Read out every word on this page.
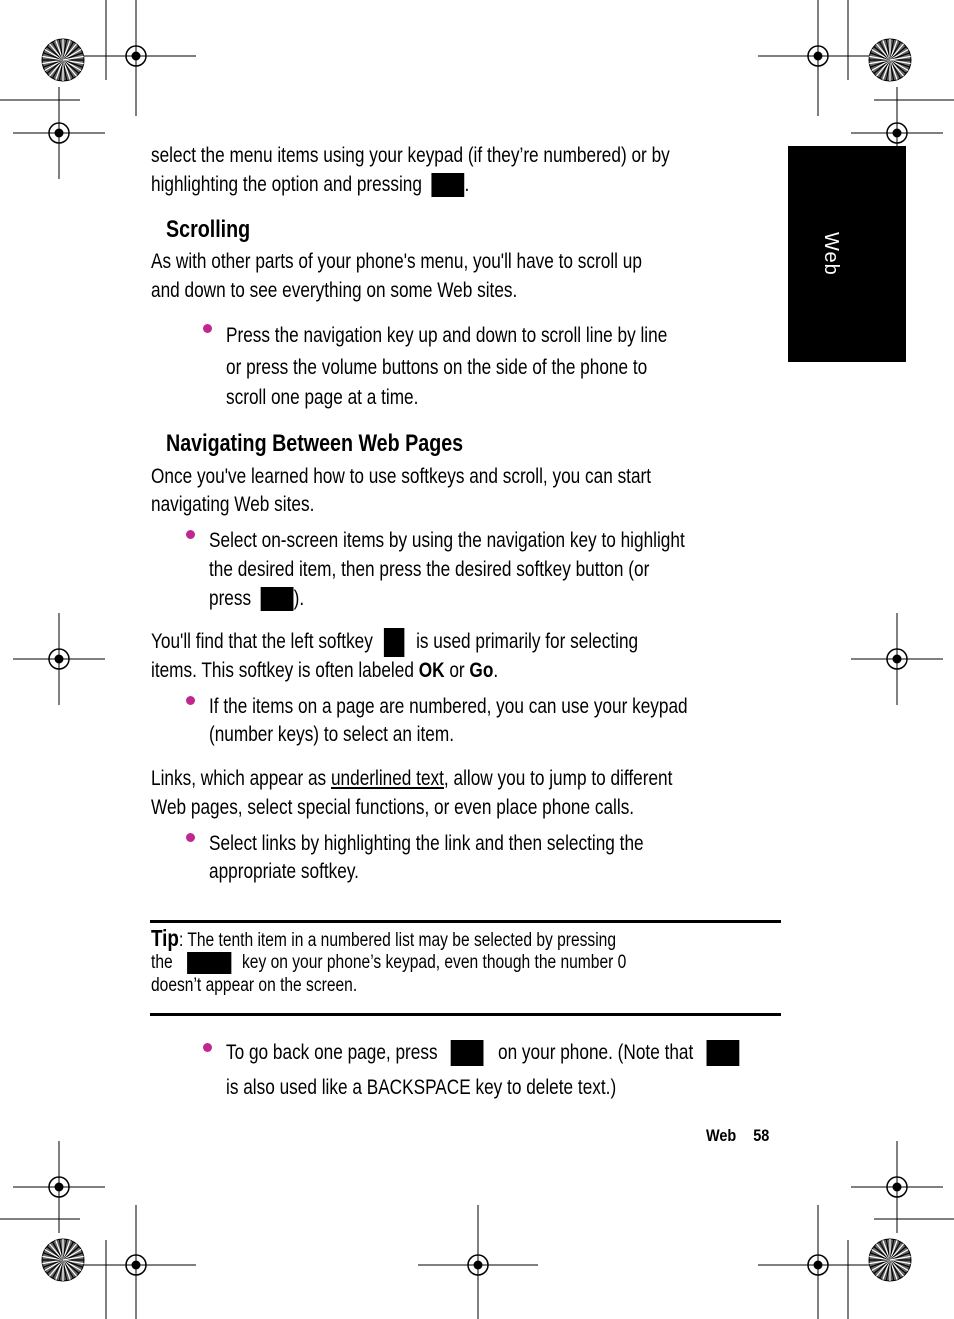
Web
select the menu items using your keypad (if they’re numbered) or by
highlighting the option and pressing .
Scrolling
As with other parts of your phone's menu, you'll have to scroll up
and down to see everything on some Web sites.
Press the navigation key up and down to scroll line by line
or press the volume buttons on the side of the phone to
scroll one page at a time.
Navigating Between Web Pages
Once you've learned how to use softkeys and scroll, you can start
navigating Web sites.
Select on-screen items by using the navigation key to highlight
the desired item, then press the desired softkey button (or
press ).
You'll find that the left softkey is used primarily for selecting
items. This softkey is often labeled OK or Go.
If the items on a page are numbered, you can use your keypad
(number keys) to select an item.
Links, which appear as underlined text, allow you to jump to different
Web pages, select special functions, or even place phone calls.
Select links by highlighting the link and then selecting the
appropriate softkey.
Tip: The tenth item in a numbered list may be selected by pressing
the	key on your phone’s keypad, even though the number 0
doesn’t appear on the screen.
To go back one page, press	on your phone. (Note that
is also used like a BACKSPACE key to delete text.)
Web 58
